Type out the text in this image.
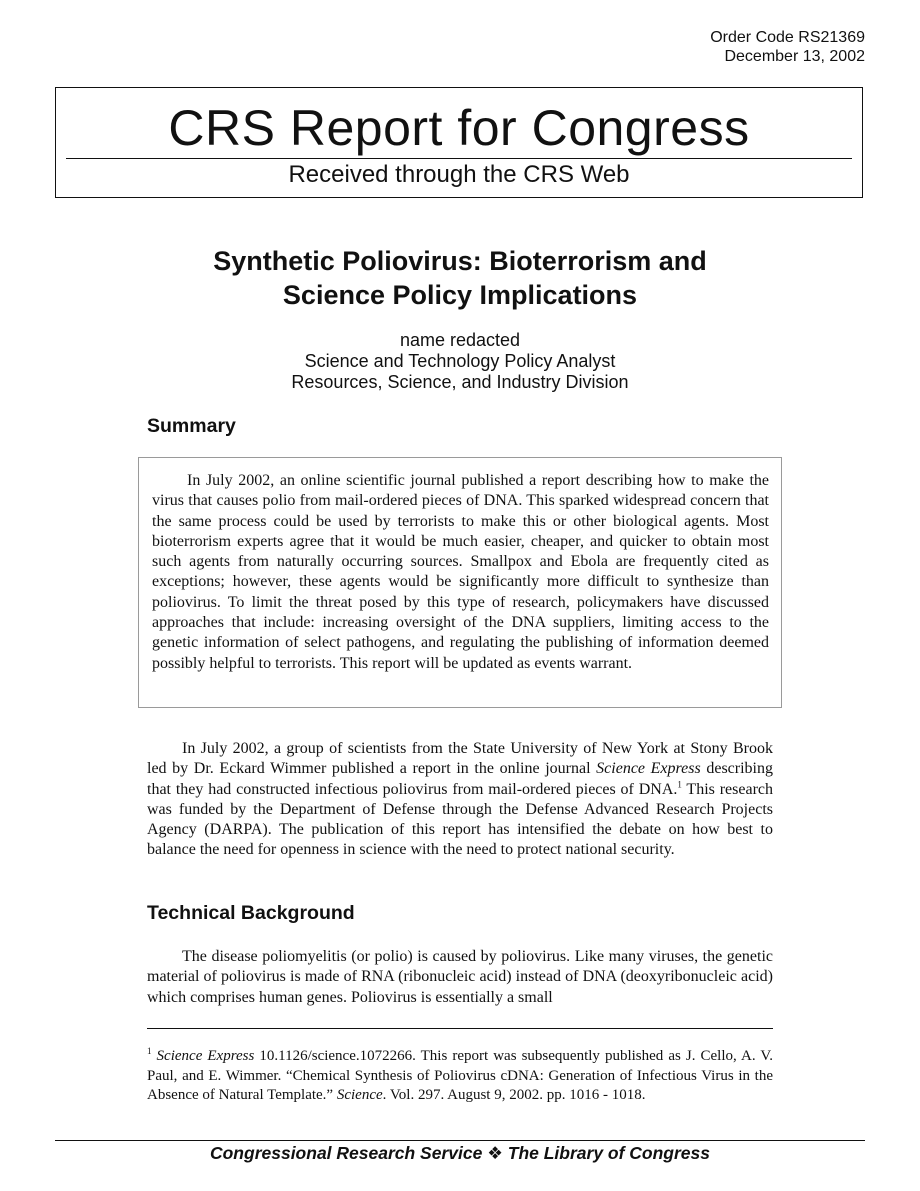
Order Code RS21369
December 13, 2002
CRS Report for Congress
Received through the CRS Web
Synthetic Poliovirus: Bioterrorism and
Science Policy Implications
name redacted
Science and Technology Policy Analyst
Resources, Science, and Industry Division
Summary

In July 2002, an online scientific journal published a report describing how to make the virus that causes polio from mail-ordered pieces of DNA. This sparked widespread concern that the same process could be used by terrorists to make this or other biological agents. Most bioterrorism experts agree that it would be much easier, cheaper, and quicker to obtain most such agents from naturally occurring sources. Smallpox and Ebola are frequently cited as exceptions; however, these agents would be significantly more difficult to synthesize than poliovirus. To limit the threat posed by this type of research, policymakers have discussed approaches that include: increasing oversight of the DNA suppliers, limiting access to the genetic information of select pathogens, and regulating the publishing of information deemed possibly helpful to terrorists. This report will be updated as events warrant.

In July 2002, a group of scientists from the State University of New York at Stony Brook led by Dr. Eckard Wimmer published a report in the online journal Science Express describing that they had constructed infectious poliovirus from mail-ordered pieces of DNA.$^1$ This research was funded by the Department of Defense through the Defense Advanced Research Projects Agency (DARPA). The publication of this report has intensified the debate on how best to balance the need for openness in science with the need to protect national security.

Technical Background

The disease poliomyelitis (or polio) is caused by poliovirus. Like many viruses, the genetic material of poliovirus is made of RNA (ribonucleic acid) instead of DNA (deoxyribonucleic acid) which comprises human genes. Poliovirus is essentially a small

$^1$ Science Express 10.1126/science.1072266. This report was subsequently published as J. Cello, A. V. Paul, and E. Wimmer. “Chemical Synthesis of Poliovirus cDNA: Generation of Infectious Virus in the Absence of Natural Template.” Science. Vol. 297. August 9, 2002. pp. 1016 - 1018.
Congressional Research Service ❖ The Library of Congress
